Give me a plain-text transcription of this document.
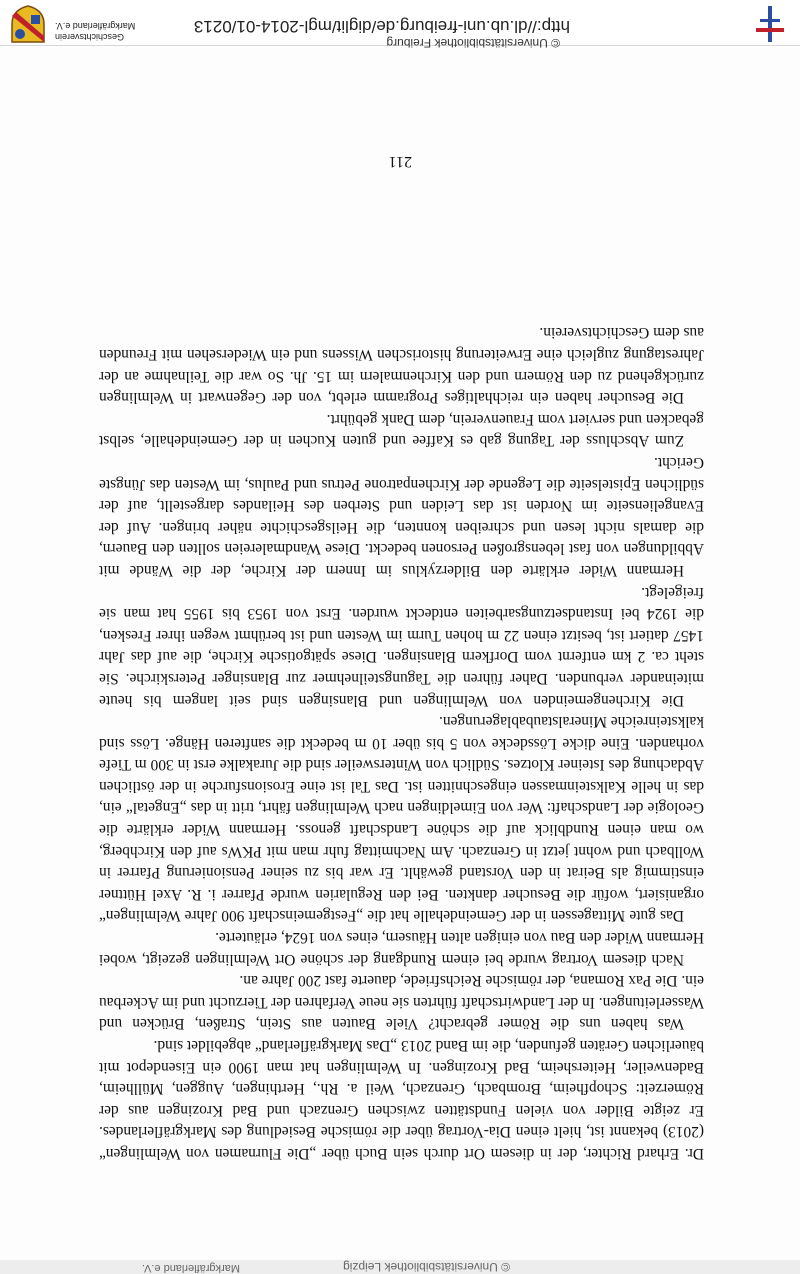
© Universitätsbibliothek Leipzig
Markgräflerland e.V.

Dr. Erhard Richter, der in diesem Ort durch sein Buch über „Die Flurnamen von Welmlingen“ (2013) bekannt ist, hielt einen Dia-Vortrag über die römische Besiedlung des Markgräflerlandes. Er zeigte Bilder von vielen Fundstätten zwischen Grenzach und Bad Krozingen aus der Römerzeit: Schopfheim, Brombach, Grenzach, Weil a. Rh., Herthingen, Auggen, Müllheim, Badenweiler, Heitersheim, Bad Krozingen. In Welmlingen hat man 1900 ein Eisendepot mit bäuerlichen Geräten gefunden, die im Band 2013 „Das Markgräflerland“ abgebildet sind.

Was haben uns die Römer gebracht? Viele Bauten aus Stein, Straßen, Brücken und Wasserleitungen. In der Landwirtschaft führten sie neue Verfahren der Tierzucht und im Ackerbau ein. Die Pax Romana, der römische Reichsfriede, dauerte fast 200 Jahre an.

Nach diesem Vortrag wurde bei einem Rundgang der schöne Ort Welmlingen gezeigt, wobei Hermann Wider den Bau von einigen alten Häusern, eines von 1624, erläuterte.

Das gute Mittagessen in der Gemeindehalle hat die „Festgemeinschaft 900 Jahre Welmlingen“ organisiert, wofür die Besucher dankten. Bei den Regularien wurde Pfarrer i. R. Axel Hüttner einstimmig als Beirat in den Vorstand gewählt. Er war bis zu seiner Pensionierung Pfarrer in Wollbach und wohnt jetzt in Grenzach. Am Nachmittag fuhr man mit PKWs auf den Kirchberg, wo man einen Rundblick auf die schöne Landschaft genoss. Hermann Wider erklärte die Geologie der Landschaft: Wer von Eimeldingen nach Welmlingen fährt, tritt in das „Engetal“ ein, das in helle Kalksteinmassen eingeschnitten ist. Das Tal ist eine Erosionsfurche in der östlichen Abdachung des Isteiner Klotzes. Südlich von Wintersweiler sind die Jurakalke erst in 300 m Tiefe vorhanden. Eine dicke Lössdecke von 5 bis über 10 m bedeckt die sanfteren Hänge. Löss sind kalksteinreiche Mineralstaubablagerungen.

Die Kirchengemeinden von Welmlingen und Blansingen sind seit langem bis heute miteinander verbunden. Daher führen die Tagungsteilnehmer zur Blansinger Peterskirche. Sie steht ca. 2 km entfernt vom Dorfkern Blansingen. Diese spätgotische Kirche, die auf das Jahr 1457 datiert ist, besitzt einen 22 m hohen Turm im Westen und ist berühmt wegen ihrer Fresken, die 1924 bei Instandsetzungsarbeiten entdeckt wurden. Erst von 1953 bis 1955 hat man sie freigelegt.

Hermann Wider erklärte den Bilderzyklus im Innern der Kirche, der die Wände mit Abbildungen von fast lebensgroßen Personen bedeckt. Diese Wandmalereien sollten den Bauern, die damals nicht lesen und schreiben konnten, die Heilsgeschichte näher bringen. Auf der Evangelienseite im Norden ist das Leiden und Sterben des Heilandes dargestellt, auf der südlichen Epistelseite die Legende der Kirchenpatrone Petrus und Paulus, im Westen das Jüngste Gericht.

Zum Abschluss der Tagung gab es Kaffee und guten Kuchen in der Gemeindehalle, selbst gebacken und serviert vom Frauenverein, dem Dank gebührt.

Die Besucher haben ein reichhaltiges Programm erlebt, von der Gegenwart in Welmlingen zurückgehend zu den Römern und den Kirchenmalern im 15. Jh. So war die Teilnahme an der Jahrestagung zugleich eine Erweiterung historischen Wissens und ein Wiedersehen mit Freunden aus dem Geschichtsverein.

211
© Universitätsbibliothek Freiburg
http://dl.ub.uni-freiburg.de/diglit/mgl-2014-01/0213
Geschichtsverein Markgräflerland e.V.
